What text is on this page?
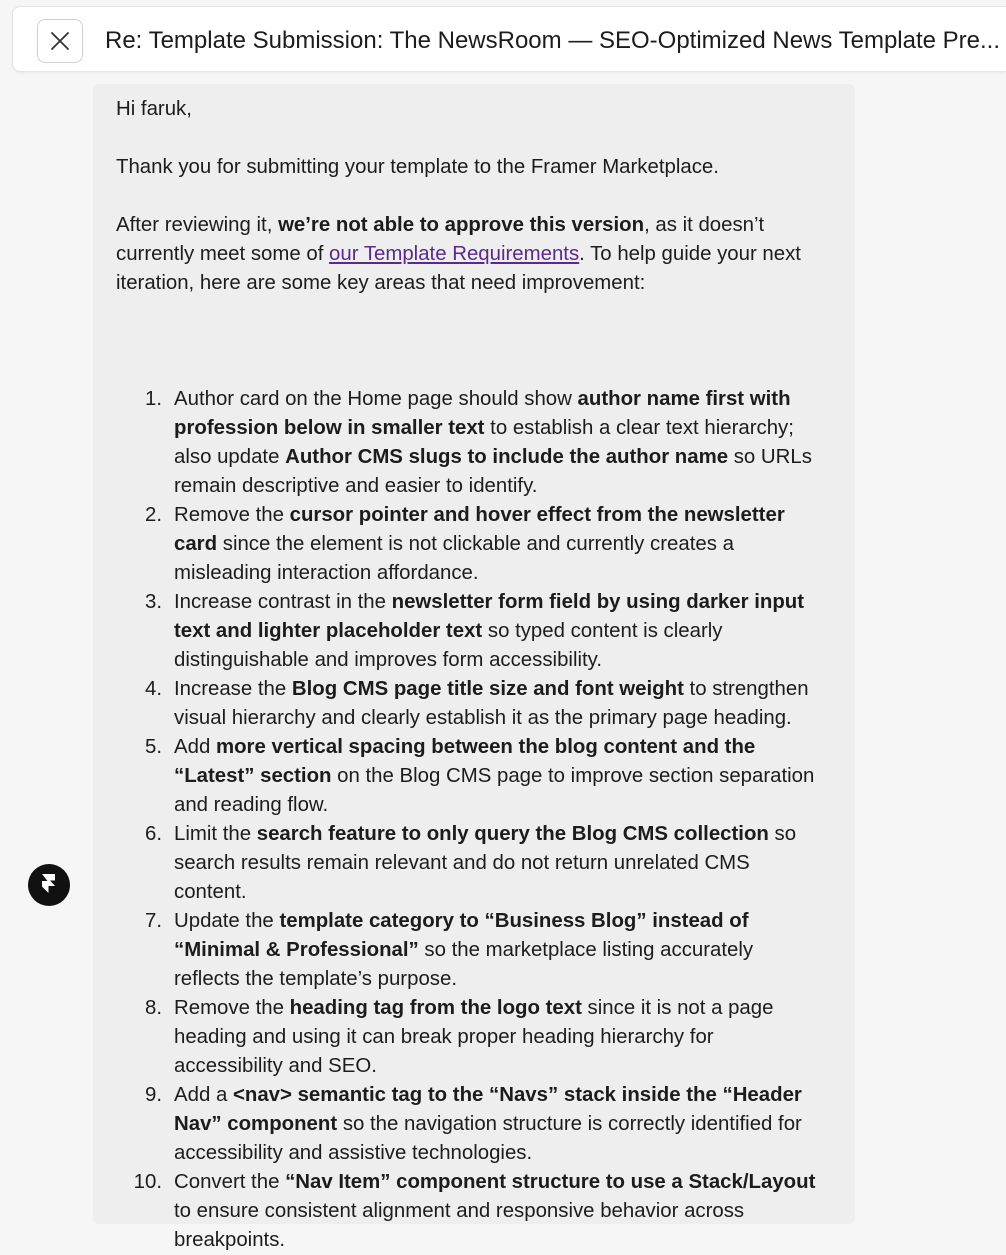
Re: Template Submission: The NewsRoom — SEO-Optimized News Template Pre...

Hi faruk,

Thank you for submitting your template to the Framer Marketplace.

After reviewing it, we’re not able to approve this version, as it doesn’t currently meet some of our Template Requirements. To help guide your next iteration, here are some key areas that need improvement:

1. Author card on the Home page should show author name first with profession below in smaller text to establish a clear text hierarchy; also update Author CMS slugs to include the author name so URLs remain descriptive and easier to identify.
2. Remove the cursor pointer and hover effect from the newsletter card since the element is not clickable and currently creates a misleading interaction affordance.
3. Increase contrast in the newsletter form field by using darker input text and lighter placeholder text so typed content is clearly distinguishable and improves form accessibility.
4. Increase the Blog CMS page title size and font weight to strengthen visual hierarchy and clearly establish it as the primary page heading.
5. Add more vertical spacing between the blog content and the “Latest” section on the Blog CMS page to improve section separation and reading flow.
6. Limit the search feature to only query the Blog CMS collection so search results remain relevant and do not return unrelated CMS content.
7. Update the template category to “Business Blog” instead of “Minimal & Professional” so the marketplace listing accurately reflects the template’s purpose.
8. Remove the heading tag from the logo text since it is not a page heading and using it can break proper heading hierarchy for accessibility and SEO.
9. Add a <nav> semantic tag to the “Navs” stack inside the “Header Nav” component so the navigation structure is correctly identified for accessibility and assistive technologies.
10. Convert the “Nav Item” component structure to use a Stack/Layout to ensure consistent alignment and responsive behavior across breakpoints.
